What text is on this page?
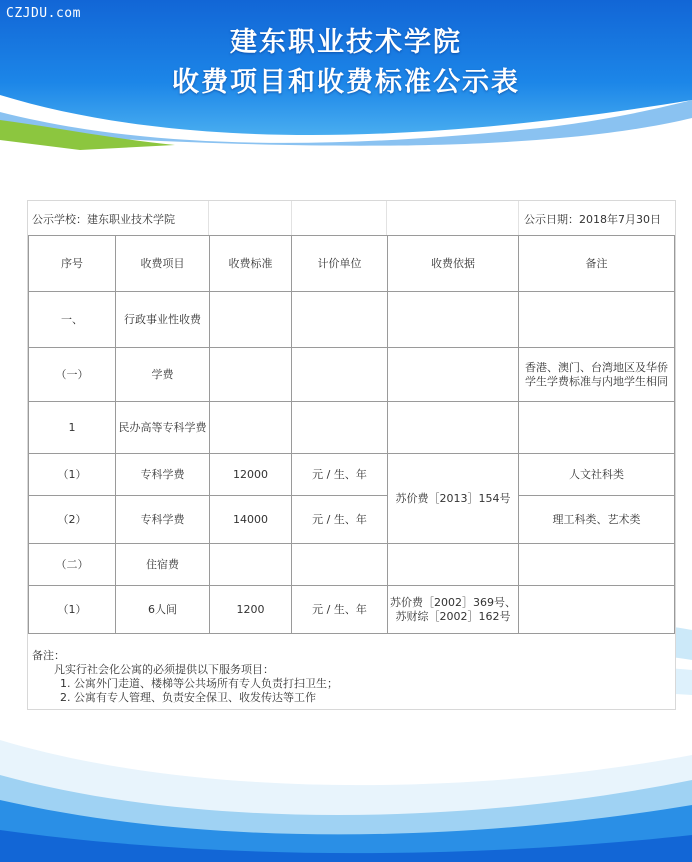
CZJDU.com
建东职业技术学院
收费项目和收费标准公示表
公示学校：建东职业技术学院	公示日期：2018年7月30日
序号	收费项目	收费标准	计价单位	收费依据	备注
一、	行政事业性收费				
（一）	学费				香港、澳门、台湾地区及华侨学生学费标准与内地学生相同
1	民办高等专科学费				
（1）	专科学费	12000	元 / 生、年	苏价费［2013］154号	人文社科类
（2）	专科学费	14000	元 / 生、年		理工科类、艺术类
（二）	住宿费				
（1）	6人间	1200	元 / 生、年	苏价费［2002］369号、
苏财综［2002］162号	

备注：
凡实行社会化公寓的必须提供以下服务项目：
1. 公寓外门走道、楼梯等公共场所有专人负责打扫卫生；
2. 公寓有专人管理、负责安全保卫、收发传达等工作
